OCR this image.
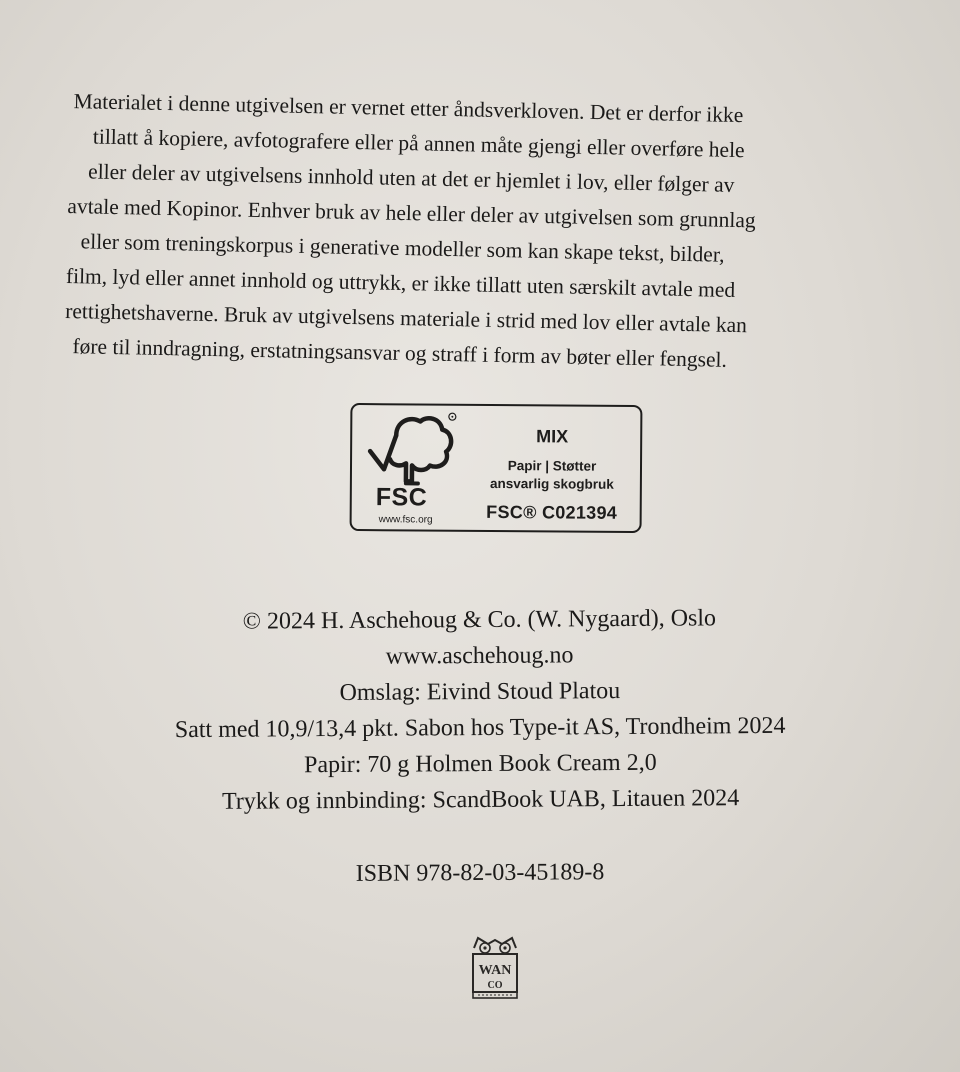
Materialet i denne utgivelsen er vernet etter åndsverkloven. Det er derfor ikke
tillatt å kopiere, avfotografere eller på annen måte gjengi eller overføre hele
eller deler av utgivelsens innhold uten at det er hjemlet i lov, eller følger av
avtale med Kopinor. Enhver bruk av hele eller deler av utgivelsen som grunnlag
eller som treningskorpus i generative modeller som kan skape tekst, bilder,
film, lyd eller annet innhold og uttrykk, er ikke tillatt uten særskilt avtale med
rettighetshaverne. Bruk av utgivelsens materiale i strid med lov eller avtale kan
føre til inndragning, erstatningsansvar og straff i form av bøter eller fengsel.
FSC
www.fsc.org
MIX
Papir | Støtter
ansvarlig skogbruk
FSC® C021394
© 2024 H. Aschehoug & Co. (W. Nygaard), Oslo
www.aschehoug.no
Omslag: Eivind Stoud Platou
Satt med 10,9/13,4 pkt. Sabon hos Type-it AS, Trondheim 2024
Papir: 70 g Holmen Book Cream 2,0
Trykk og innbinding: ScandBook UAB, Litauen 2024
ISBN 978-82-03-45189-8
WAN
CO
